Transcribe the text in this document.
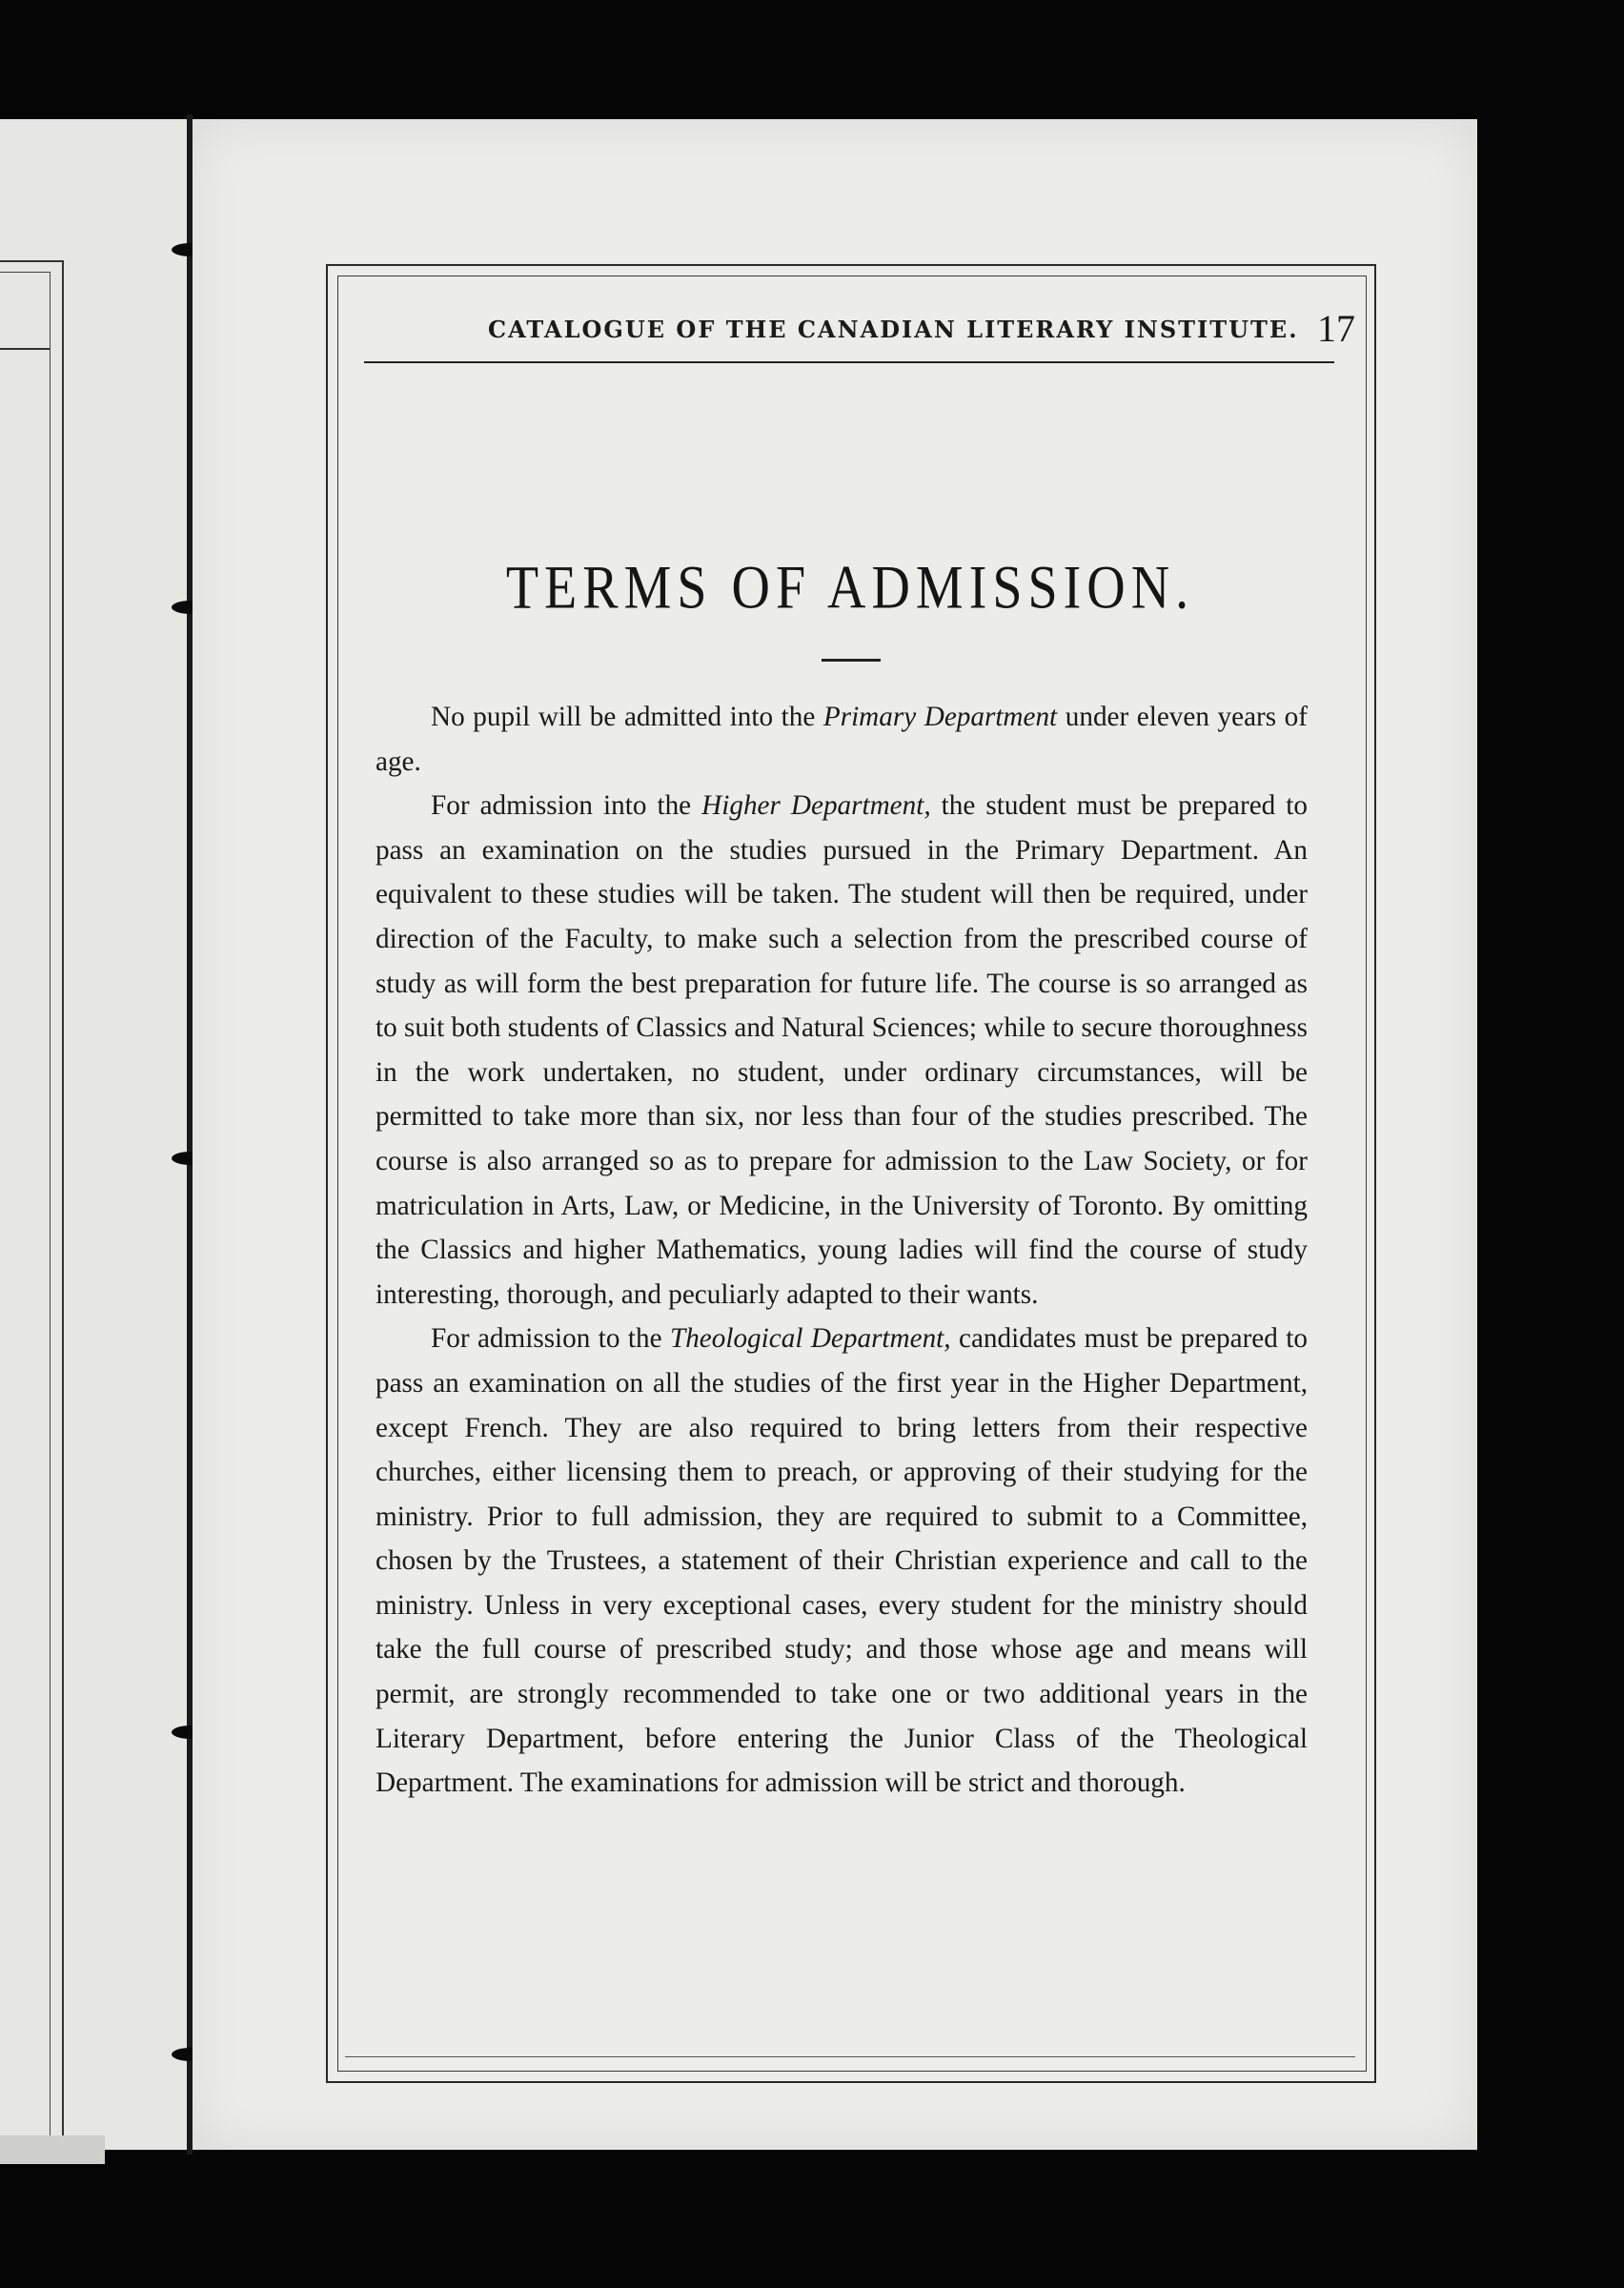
CATALOGUE OF THE CANADIAN LITERARY INSTITUTE. 17
TERMS OF ADMISSION.

No pupil will be admitted into the Primary Department under eleven years of age.

For admission into the Higher Department, the student must be prepared to pass an examination on the studies pursued in the Primary Department. An equivalent to these studies will be taken. The student will then be required, under direction of the Faculty, to make such a selection from the prescribed course of study as will form the best preparation for future life. The course is so arranged as to suit both students of Classics and Natural Sciences; while to secure thoroughness in the work undertaken, no student, under ordinary circumstances, will be permitted to take more than six, nor less than four of the studies prescribed. The course is also arranged so as to prepare for admission to the Law Society, or for matriculation in Arts, Law, or Medicine, in the University of Toronto. By omitting the Classics and higher Mathematics, young ladies will find the course of study interesting, thorough, and peculiarly adapted to their wants.

For admission to the Theological Department, candidates must be prepared to pass an examination on all the studies of the first year in the Higher Department, except French. They are also required to bring letters from their respective churches, either licensing them to preach, or approving of their studying for the ministry. Prior to full admission, they are required to submit to a Committee, chosen by the Trustees, a statement of their Christian experience and call to the ministry. Unless in very exceptional cases, every student for the ministry should take the full course of prescribed study; and those whose age and means will permit, are strongly recommended to take one or two additional years in the Literary Department, before entering the Junior Class of the Theological Department. The examinations for admission will be strict and thorough.
